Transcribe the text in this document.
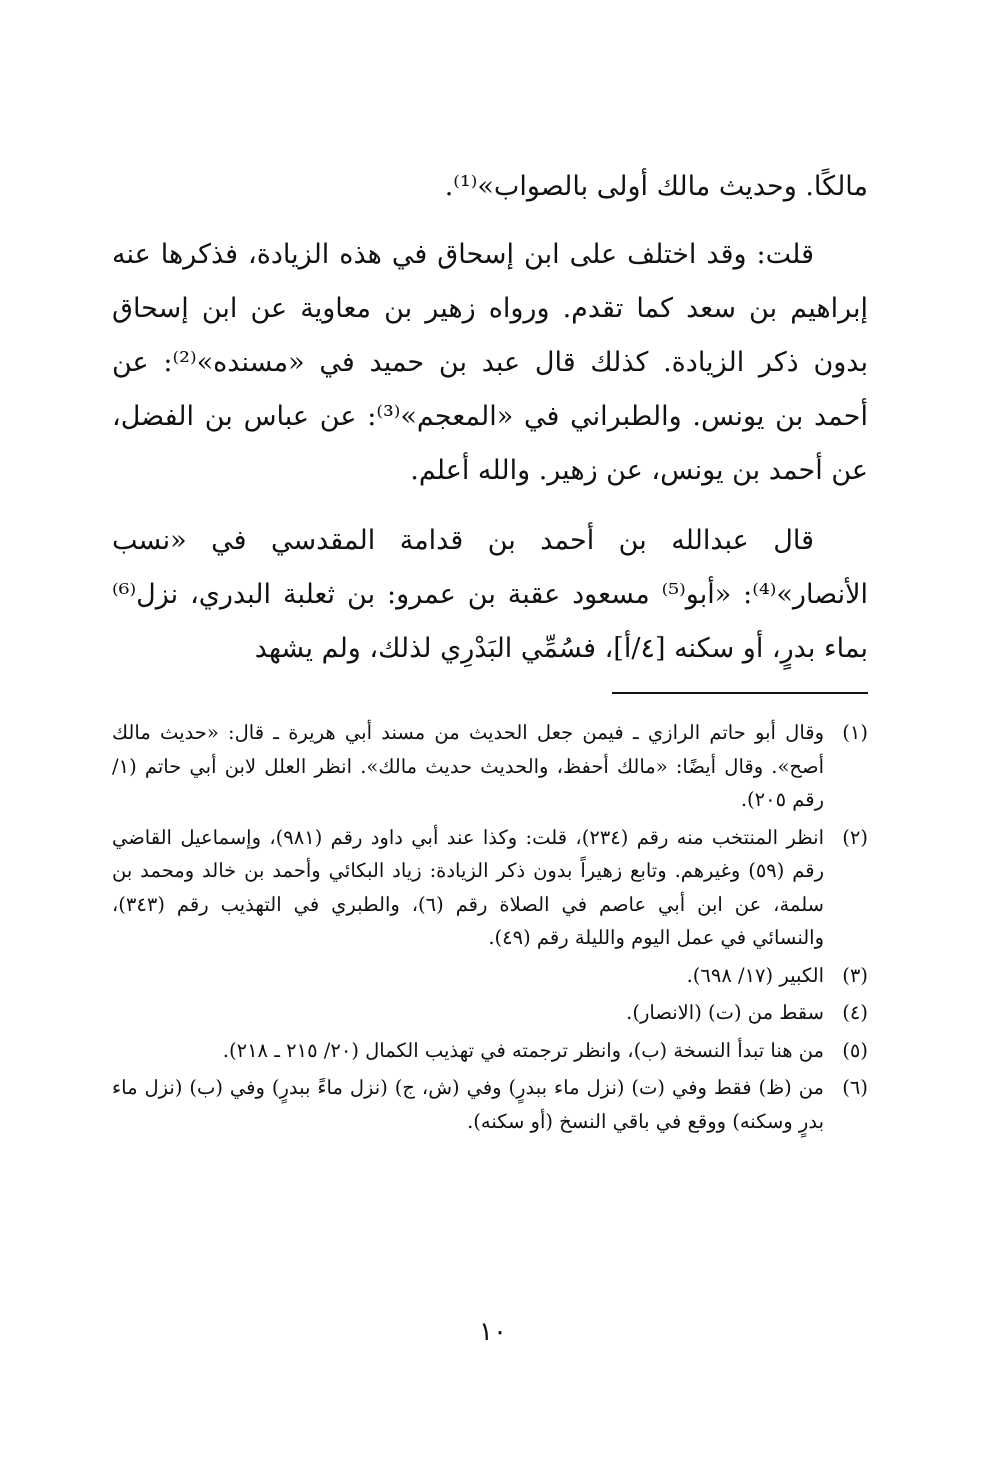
مالكًا. وحديث مالك أولى بالصواب»⁽¹⁾.

قلت: وقد اختلف على ابن إسحاق في هذه الزيادة، فذكرها عنه إبراهيم بن سعد كما تقدم. ورواه زهير بن معاوية عن ابن إسحاق بدون ذكر الزيادة. كذلك قال عبد بن حميد في «مسنده»⁽²⁾: عن أحمد بن يونس. والطبراني في «المعجم»⁽³⁾: عن عباس بن الفضل، عن أحمد بن يونس، عن زهير. والله أعلم.

قال عبدالله بن أحمد بن قدامة المقدسي في «نسب الأنصار»⁽⁴⁾: «أبو⁽⁵⁾ مسعود عقبة بن عمرو: بن ثعلبة البدري، نزل⁽⁶⁾ بماء بدرٍ، أو سكنه [٤/أ]، فسُمِّي البَدْرِي لذلك، ولم يشهد

(١)
وقال أبو حاتم الرازي ـ فيمن جعل الحديث من مسند أبي هريرة ـ قال: «حديث مالك أصح». وقال أيضًا: «مالك أحفظ، والحديث حديث مالك». انظر العلل لابن أبي حاتم (١/ رقم ٢٠٥).
(٢)
انظر المنتخب منه رقم (٢٣٤)، قلت: وكذا عند أبي داود رقم (٩٨١)، وإسماعيل القاضي رقم (٥٩) وغيرهم. وتابع زهيراً بدون ذكر الزيادة: زياد البكائي وأحمد بن خالد ومحمد بن سلمة، عن ابن أبي عاصم في الصلاة رقم (٦)، والطبري في التهذيب رقم (٣٤٣)، والنسائي في عمل اليوم والليلة رقم (٤٩).
(٣)
الكبير (١٧/ ٦٩٨).
(٤)
سقط من (ت) (الانصار).
(٥)
من هنا تبدأ النسخة (ب)، وانظر ترجمته في تهذيب الكمال (٢٠/ ٢١٥ ـ ٢١٨).
(٦)
من (ظ) فقط وفي (ت) (نزل ماء ببدرٍ) وفي (ش، ج) (نزل ماءً ببدرٍ) وفي (ب) (نزل ماء بدرٍ وسكنه) ووقع في باقي النسخ (أو سكنه).
١٠
